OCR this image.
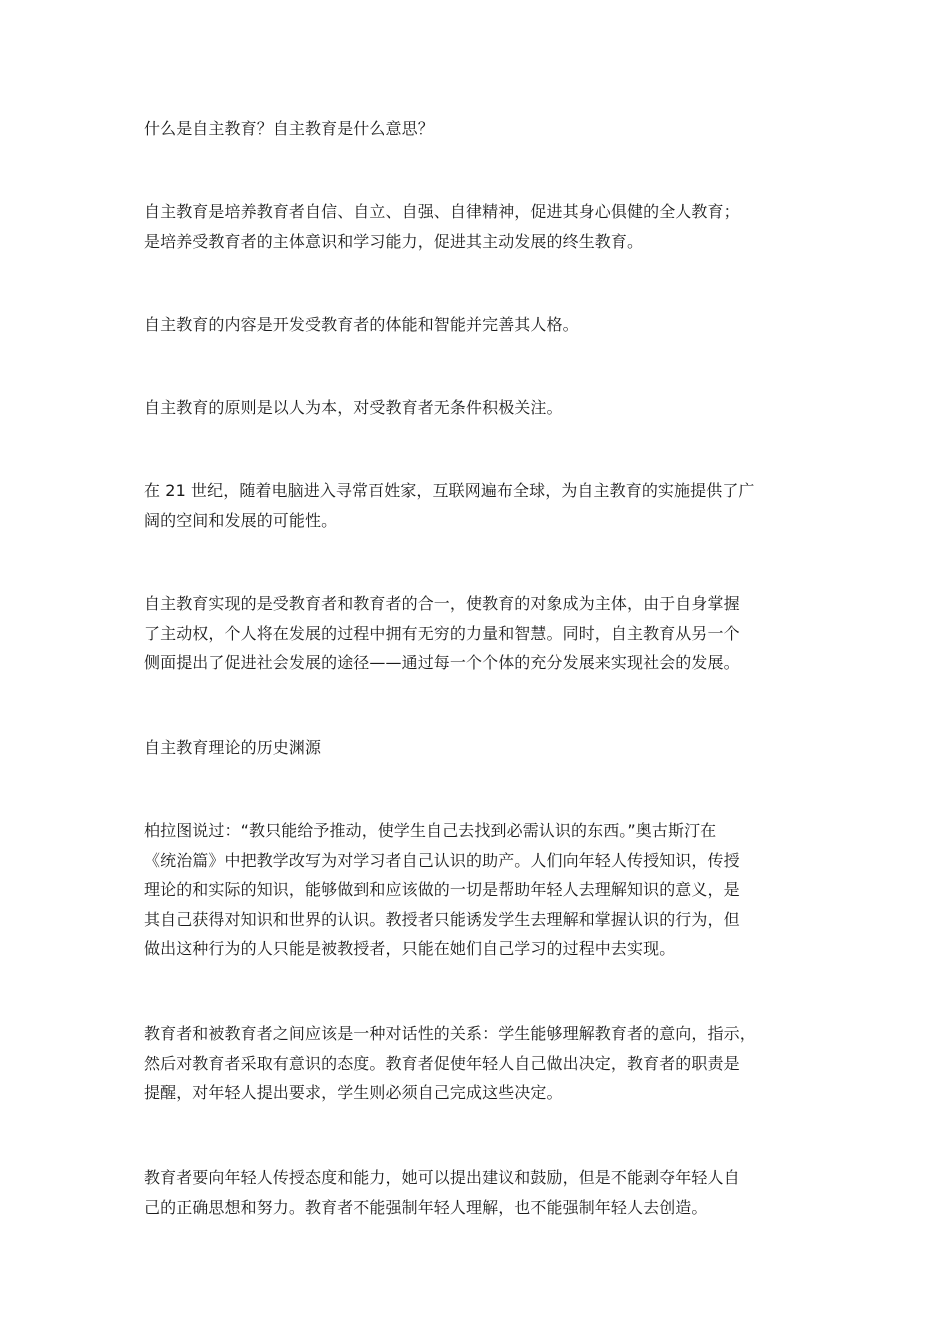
什么是自主教育？自主教育是什么意思？

自主教育是培养教育者自信、自立、自强、自律精神，促进其身心俱健的全人教育；
是培养受教育者的主体意识和学习能力，促进其主动发展的终生教育。

自主教育的内容是开发受教育者的体能和智能并完善其人格。

自主教育的原则是以人为本，对受教育者无条件积极关注。

在 21 世纪，随着电脑进入寻常百姓家，互联网遍布全球，为自主教育的实施提供了广
阔的空间和发展的可能性。

自主教育实现的是受教育者和教育者的合一，使教育的对象成为主体，由于自身掌握
了主动权，个人将在发展的过程中拥有无穷的力量和智慧。同时，自主教育从另一个
侧面提出了促进社会发展的途径——通过每一个个体的充分发展来实现社会的发展。

自主教育理论的历史渊源

柏拉图说过：“教只能给予推动，使学生自己去找到必需认识的东西。”奥古斯汀在
《统治篇》中把教学改写为对学习者自己认识的助产。人们向年轻人传授知识，传授
理论的和实际的知识，能够做到和应该做的一切是帮助年轻人去理解知识的意义，是
其自己获得对知识和世界的认识。教授者只能诱发学生去理解和掌握认识的行为，但
做出这种行为的人只能是被教授者，只能在她们自己学习的过程中去实现。

教育者和被教育者之间应该是一种对话性的关系：学生能够理解教育者的意向，指示，
然后对教育者采取有意识的态度。教育者促使年轻人自己做出决定，教育者的职责是
提醒，对年轻人提出要求，学生则必须自己完成这些决定。

教育者要向年轻人传授态度和能力，她可以提出建议和鼓励，但是不能剥夺年轻人自
己的正确思想和努力。教育者不能强制年轻人理解，也不能强制年轻人去创造。
